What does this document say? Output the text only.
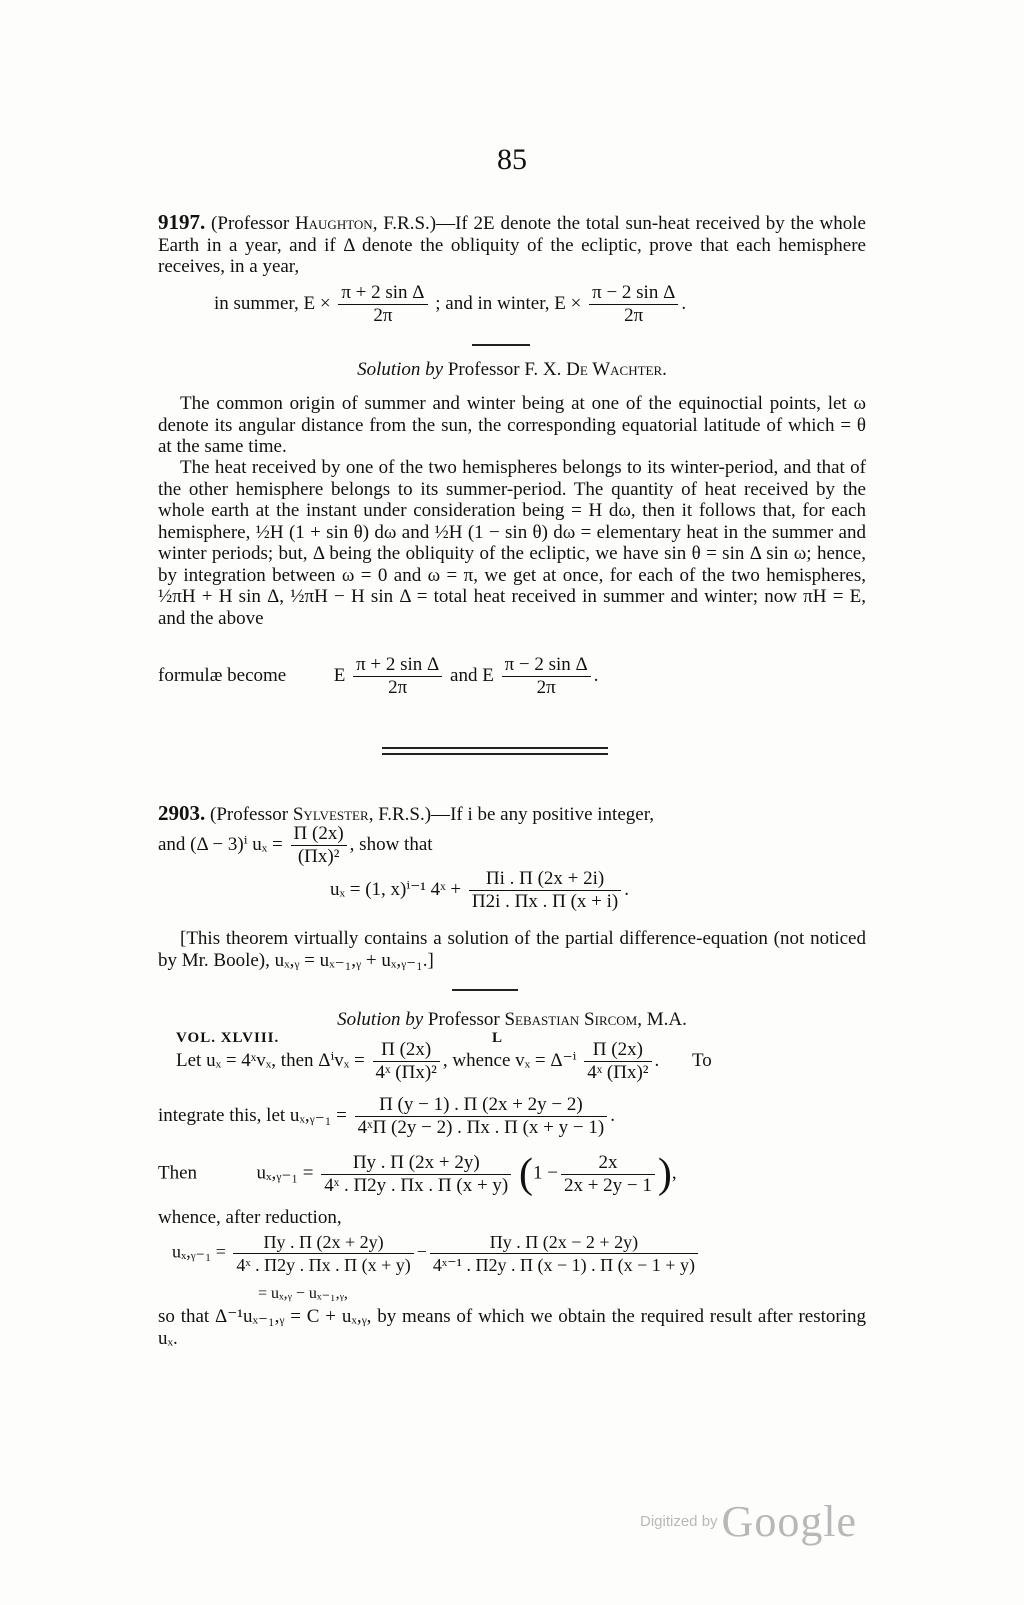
85

9197. (Professor Haughton, F.R.S.)—If 2E denote the total sun-heat received by the whole Earth in a year, and if Δ denote the obliquity of the ecliptic, prove that each hemisphere receives, in a year,

in summer, $E \times \frac{\text{π + 2 sin Δ}}{2\pi}$ ; and in winter, $E \times \frac{\text{π − 2 sin Δ}}{2\pi}$ .
Solution by Professor F. X. De Wachter.

The common origin of summer and winter being at one of the equinoctial points, let ω denote its angular distance from the sun, the corresponding equatorial latitude of which = θ at the same time.

The heat received by one of the two hemispheres belongs to its winter-period, and that of the other hemisphere belongs to its summer-period. The quantity of heat received by the whole earth at the instant under consideration being = H dω, then it follows that, for each hemisphere, ½H (1 + sin θ) dω and ½H (1 − sin θ) dω = elementary heat in the summer and winter periods; but, Δ being the obliquity of the ecliptic, we have sin θ = sin Δ sin ω; hence, by integration between ω = 0 and ω = π, we get at once, for each of the two hemispheres, ½πH + H sin Δ, ½πH − H sin Δ = total heat received in summer and winter; now πH = E, and the above

formulæ become	E $\frac{\text{π + 2 sin Δ}}{2\pi}$ and E $\frac{\text{π − 2 sin Δ}}{2\pi}$ .

2903. (Professor Sylvester, F.R.S.)—If i be any positive integer,

and (Δ − 3)ⁱ $u_x = \frac{\Pi (2x)}{\text{(Πx)²}}$ , show that
uₓ = (1, x)ⁱ⁻¹ 4ˣ + $\frac{\Pi i . \Pi (2x + 2i)}{\Pi 2i . \Pi x . \Pi (x + i)}$ .

[This theorem virtually contains a solution of the partial difference-equation (not noticed by Mr. Boole), uₓ,ᵧ = uₓ₋₁,ᵧ + uₓ,ᵧ₋₁.]

Solution by Professor Sebastian Sircom, M.A.
Let uₓ = 4ˣvₓ, then $\Delta^iv_x = \frac{\Pi (2x)}{\text{4ˣ (Πx)²}}$ , whence $v_x = \Delta^{-i} \frac{\Pi (2x)}{\text{4ˣ (Πx)²}}$ . To
integrate this, let uₓ,ᵧ₋₁ = $\frac{\Pi (y - 1) . \Pi (2x + 2y - 2)}{\text{4ˣΠ (2y − 2) . Πx . Π (x + y − 1)}}$ .
Then	uₓ,ᵧ₋₁ = $\frac{\Pi y . \Pi (2x + 2y)}{\text{4ˣ . Π2y . Πx . Π (x + y)}} (1 - \frac{2x}{2x + 2y - 1}$ ),

whence, after reduction,

uₓ,ᵧ₋₁ = $\frac{\Pi y . \Pi (2x + 2y)}{\text{4ˣ . Π2y . Πx . Π (x + y)}} - \frac{\Pi y . \Pi (2x - 2 + 2y)}{\text{4ˣ⁻¹ . Π2y . Π (x − 1) . Π (x − 1 + y)}}$
= uₓ,ᵧ − uₓ₋₁,ᵧ,

so that Δ⁻¹uₓ₋₁,ᵧ = C + uₓ,ᵧ, by means of which we obtain the required result after restoring uₓ.

VOL. XLVIII.	L
Digitized by Google
